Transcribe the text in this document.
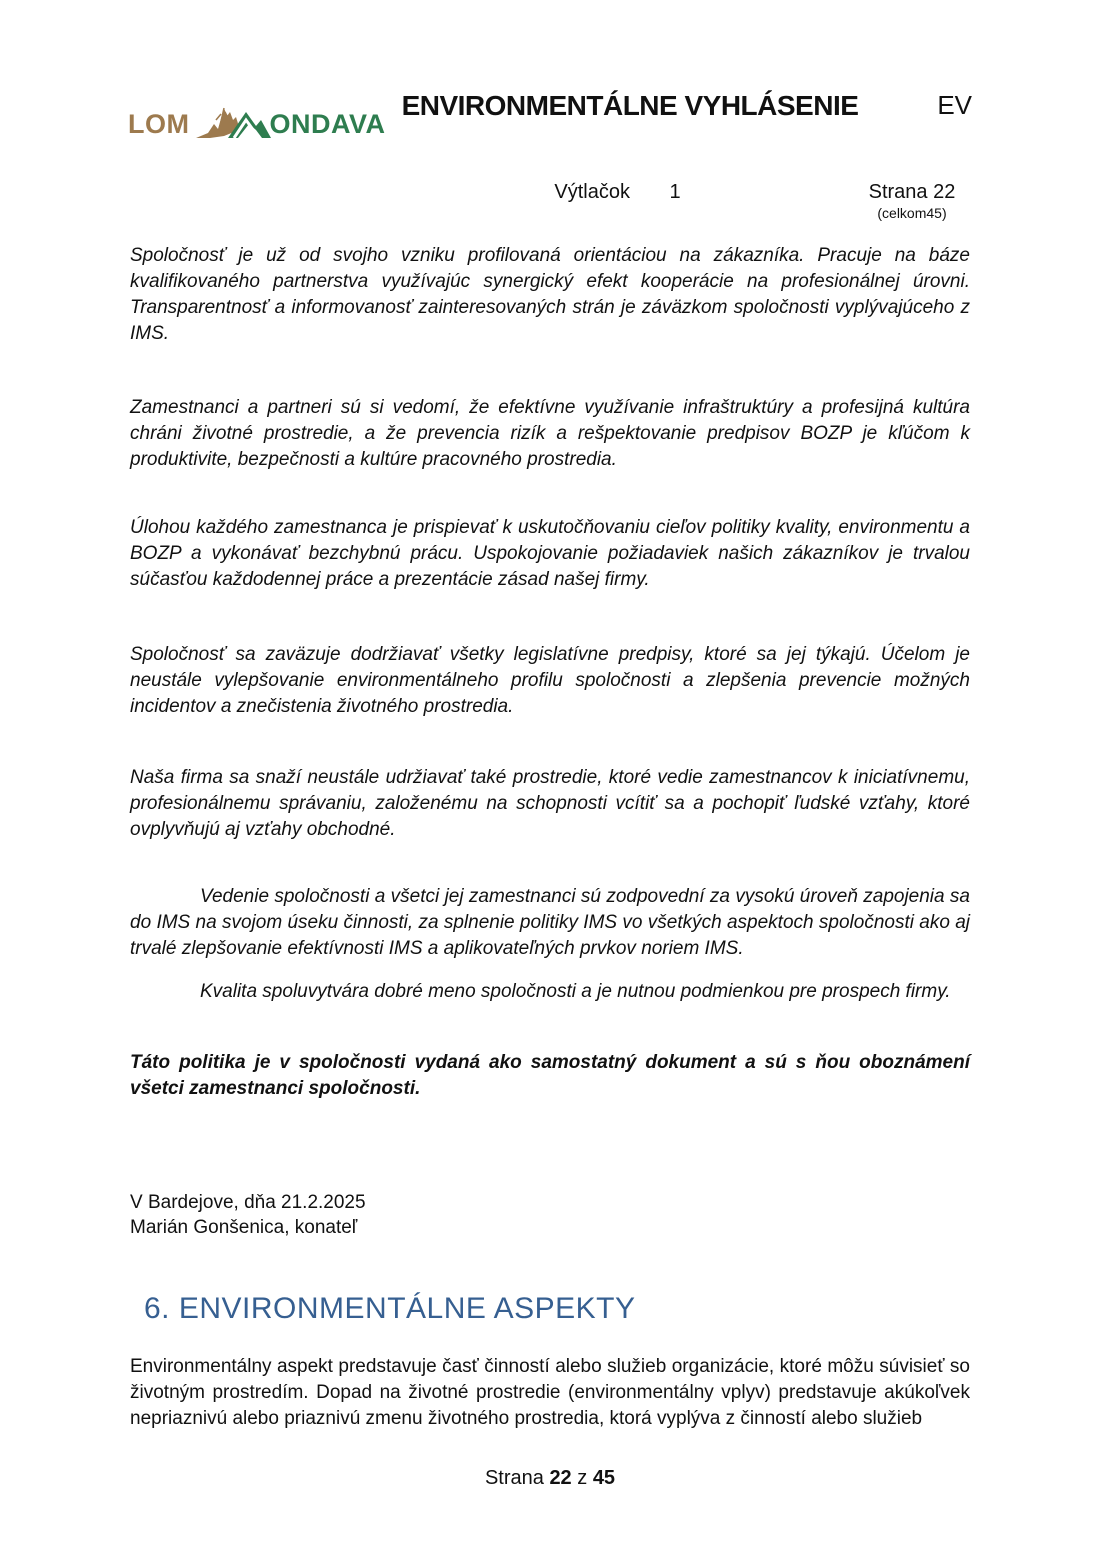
LOM	ONDAVA
ENVIRONMENTÁLNE VYHLÁSENIE	EV
Výtlačok 1	Strana 22
(celkom45)

Spoločnosť je už od svojho vzniku profilovaná orientáciou na zákazníka. Pracuje na báze kvalifikovaného partnerstva využívajúc synergický efekt kooperácie na profesionálnej úrovni. Transparentnosť a informovanosť zainteresovaných strán je záväzkom spoločnosti vyplývajúceho z IMS.

Zamestnanci a partneri sú si vedomí, že efektívne využívanie infraštruktúry a profesijná kultúra chráni životné prostredie, a že prevencia rizík a rešpektovanie predpisov BOZP je kľúčom k produktivite, bezpečnosti a kultúre pracovného prostredia.

Úlohou každého zamestnanca je prispievať k uskutočňovaniu cieľov politiky kvality, environmentu a BOZP a vykonávať bezchybnú prácu. Uspokojovanie požiadaviek našich zákazníkov je trvalou súčasťou každodennej práce a prezentácie zásad našej firmy.

Spoločnosť sa zaväzuje dodržiavať všetky legislatívne predpisy, ktoré sa jej týkajú. Účelom je neustále vylepšovanie environmentálneho profilu spoločnosti a zlepšenia prevencie možných incidentov a znečistenia životného prostredia.

Naša firma sa snaží neustále udržiavať také prostredie, ktoré vedie zamestnancov k iniciatívnemu, profesionálnemu správaniu, založenému na schopnosti vcítiť sa a pochopiť ľudské vzťahy, ktoré ovplyvňujú aj vzťahy obchodné.

Vedenie spoločnosti a všetci jej zamestnanci sú zodpovední za vysokú úroveň zapojenia sa do IMS na svojom úseku činnosti, za splnenie politiky IMS vo všetkých aspektoch spoločnosti ako aj trvalé zlepšovanie efektívnosti IMS a aplikovateľných prvkov noriem IMS.

Kvalita spoluvytvára dobré meno spoločnosti a je nutnou podmienkou pre prospech firmy.

Táto politika je v spoločnosti vydaná ako samostatný dokument a sú s ňou oboznámení všetci zamestnanci spoločnosti.

V Bardejove, dňa 21.2.2025
Marián Gonšenica, konateľ
6. ENVIRONMENTÁLNE ASPEKTY

Environmentálny aspekt predstavuje časť činností alebo služieb organizácie, ktoré môžu súvisieť so životným prostredím. Dopad na životné prostredie (environmentálny vplyv) predstavuje akúkoľvek nepriaznivú alebo priaznivú zmenu životného prostredia, ktorá vyplýva z činností alebo služieb

Strana 22 z 45
